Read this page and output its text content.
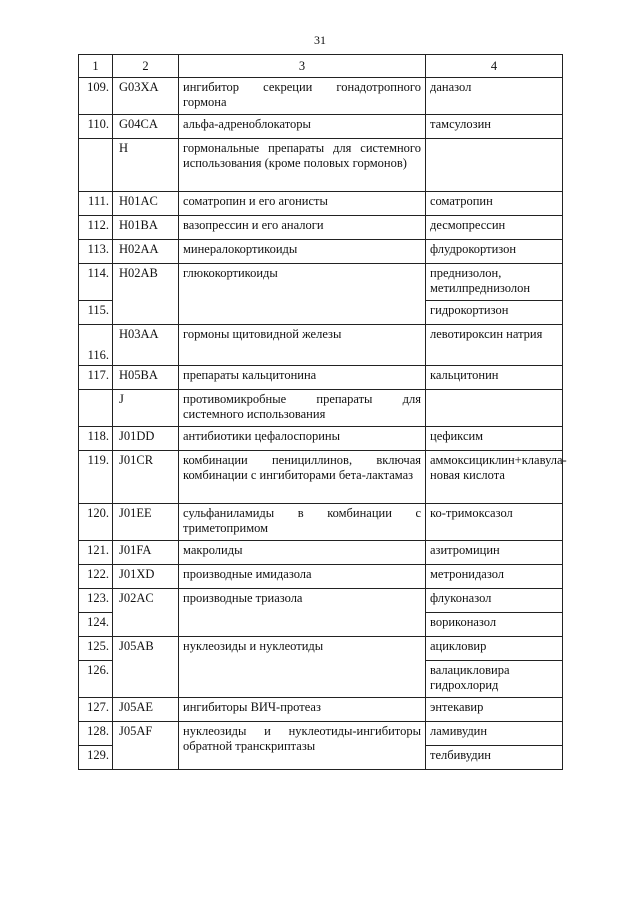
31
1	2	3	4
109.	G03XA	ингибитор секреции гонадотропного гормона	даназол
110.	G04CA	альфа-адреноблокаторы	тамсулозин
	H	гормональные препараты для системного использования (кроме половых гормонов)	
111.	H01AC	соматропин и его агонисты	соматропин
112.	H01BA	вазопрессин и его аналоги	десмопрессин
113.	H02AA	минералокортикоиды	флудрокортизон
114.	H02AB	глюкокортикоиды	преднизолон, метилпреднизолон
115.			гидрокортизон
116.	H03AA	гормоны щитовидной железы	левотироксин натрия
117.	H05BA	препараты кальцитонина	кальцитонин
	J	противомикробные препараты для системного использования	
118.	J01DD	антибиотики цефалоспорины	цефиксим
119.	J01CR	комбинации пенициллинов, включая комбинации с ингибиторами бета-лактамаз	аммоксициклин+клавула-новая кислота
120.	J01EE	сульфаниламиды в комбинации с триметопримом	ко-тримоксазол
121.	J01FA	макролиды	азитромицин
122.	J01XD	производные имидазола	метронидазол
123.	J02AC	производные триазола	флуконазол
124.			вориконазол
125.	J05AB	нуклеозиды и нуклеотиды	ацикловир
126.			валацикловира гидрохлорид
127.	J05AE	ингибиторы ВИЧ-протеаз	энтекавир
128.	J05AF	нуклеозиды и нуклеотиды-ингибиторы обратной транскриптазы	ламивудин
129.			телбивудин
